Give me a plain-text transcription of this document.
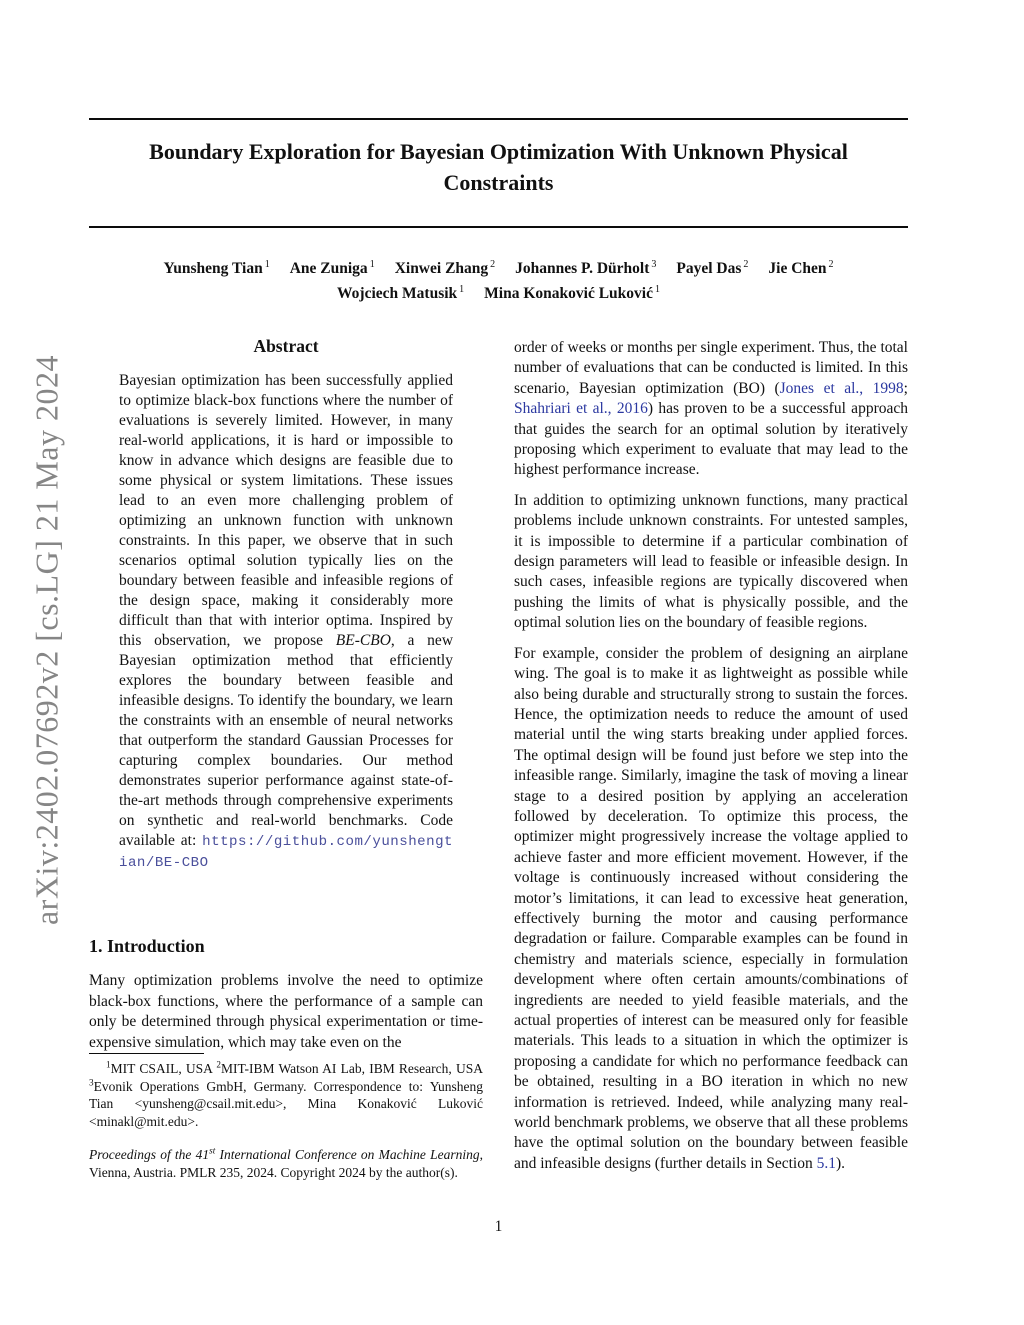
arXiv:2402.07692v2 [cs.LG] 21 May 2024
Boundary Exploration for Bayesian Optimization With Unknown Physical
Constraints
Yunsheng Tian $^1$ Ane Zuniga $^1$ Xinwei Zhang $^2$ Johannes P. Dürholt $^3$ Payel Das $^2$ Jie Chen $^2$
Wojciech Matusik $^1$ Mina Konaković Luković $^1$
Abstract
Bayesian optimization has been successfully applied to optimize black-box functions where the number of evaluations is severely limited. However, in many real-world applications, it is hard or impossible to know in advance which designs are feasible due to some physical or system limitations. These issues lead to an even more challenging problem of optimizing an unknown function with unknown constraints. In this paper, we observe that in such scenarios optimal solution typically lies on the boundary between feasible and infeasible regions of the design space, making it considerably more difficult than that with interior optima. Inspired by this observation, we propose BE-CBO, a new Bayesian optimization method that efficiently explores the boundary between feasible and infeasible designs. To identify the boundary, we learn the constraints with an ensemble of neural networks that outperform the standard Gaussian Processes for capturing complex boundaries. Our method demonstrates superior performance against state-of-the-art methods through comprehensive experiments on synthetic and real-world benchmarks. Code available at: https://github.com/yunshengtian/BE-CBO
1. Introduction
Many optimization problems involve the need to optimize black-box functions, where the performance of a sample can only be determined through physical experimentation or time-expensive simulation, which may take even on the
$^1$MIT CSAIL, USA $^2$MIT-IBM Watson AI Lab, IBM Research, USA $^3$Evonik Operations GmbH, Germany. Correspondence to: Yunsheng Tian <yunsheng@csail.mit.edu>, Mina Konaković Luković <minakl@mit.edu>.
Proceedings of the 41st International Conference on Machine Learning, Vienna, Austria. PMLR 235, 2024. Copyright 2024 by the author(s).

order of weeks or months per single experiment. Thus, the total number of evaluations that can be conducted is limited. In this scenario, Bayesian optimization (BO) (Jones et al., 1998; Shahriari et al., 2016) has proven to be a successful approach that guides the search for an optimal solution by iteratively proposing which experiment to evaluate that may lead to the highest performance increase.

In addition to optimizing unknown functions, many practical problems include unknown constraints. For untested samples, it is impossible to determine if a particular combination of design parameters will lead to feasible or infeasible design. In such cases, infeasible regions are typically discovered when pushing the limits of what is physically possible, and the optimal solution lies on the boundary of feasible regions.

For example, consider the problem of designing an airplane wing. The goal is to make it as lightweight as possible while also being durable and structurally strong to sustain the forces. Hence, the optimization needs to reduce the amount of used material until the wing starts breaking under applied forces. The optimal design will be found just before we step into the infeasible range. Similarly, imagine the task of moving a linear stage to a desired position by applying an acceleration followed by deceleration. To optimize this process, the optimizer might progressively increase the voltage applied to achieve faster and more efficient movement. However, if the voltage is continuously increased without considering the motor’s limitations, it can lead to excessive heat generation, effectively burning the motor and causing performance degradation or failure. Comparable examples can be found in chemistry and materials science, especially in formulation development where often certain amounts/combinations of ingredients are needed to yield feasible materials, and the actual properties of interest can be measured only for feasible materials. This leads to a situation in which the optimizer is proposing a candidate for which no performance feedback can be obtained, resulting in a BO iteration in which no new information is retrieved. Indeed, while analyzing many real-world benchmark problems, we observe that all these problems have the optimal solution on the boundary between feasible and infeasible designs (further details in Section 5.1).

1
